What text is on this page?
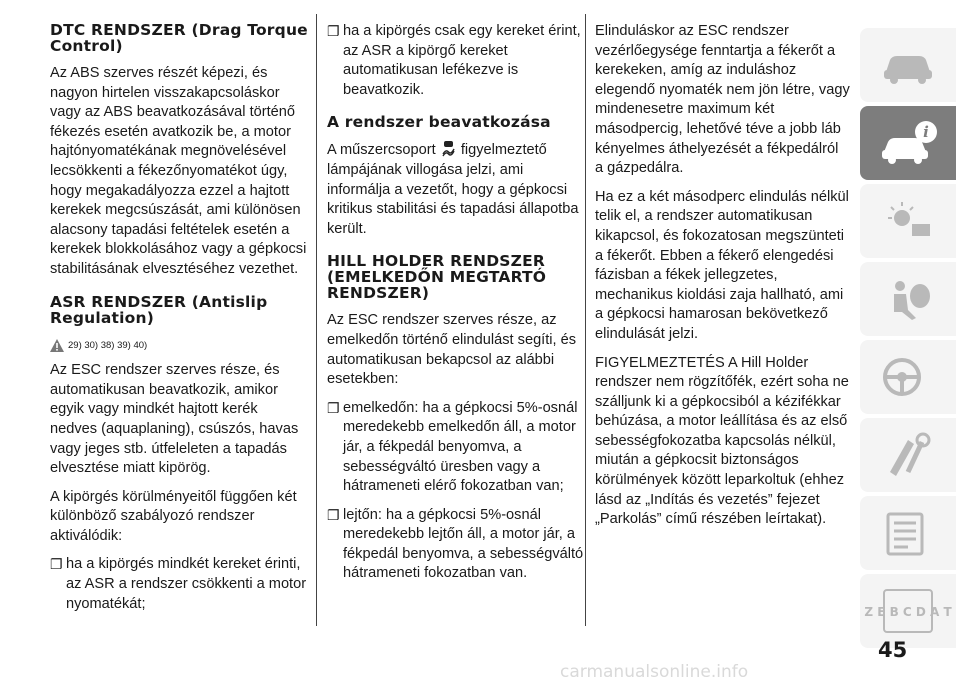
DTC RENDSZER (Drag Torque Control)

Az ABS szerves részét képezi, és nagyon hirtelen visszakapcsoláskor vagy az ABS beavatkozásával történő fékezés esetén avatkozik be, a motor hajtónyomatékának megnövelésével lecsökkenti a fékezőnyomatékot úgy, hogy megakadályozza ezzel a hajtott kerekek megcsúszását, ami különösen alacsony tapadási feltételek esetén a kerekek blokkolásához vagy a gépkocsi stabilitásának elvesztéséhez vezethet.

ASR RENDSZER (Antislip Regulation)
29) 30) 38) 39) 40)

Az ESC rendszer szerves része, és automatikusan beavatkozik, amikor egyik vagy mindkét hajtott kerék nedves (aquaplaning), csúszós, havas vagy jeges stb. útfeleleten a tapadás elvesztése miatt kipörög.

A kipörgés körülményeitől függően két különböző szabályozó rendszer aktiválódik:

❐ ha a kipörgés mindkét kereket érinti, az ASR a rendszer csökkenti a motor nyomatékát;
❐ ha a kipörgés csak egy kereket érint, az ASR a kipörgő kereket automatikusan lefékezve is beavatkozik.
A rendszer beavatkozása

A műszercsoport figyelmeztető lámpájának villogása jelzi, ami informálja a vezetőt, hogy a gépkocsi kritikus stabilitási és tapadási állapotba került.

HILL HOLDER RENDSZER (EMELKEDŐN MEGTARTÓ RENDSZER)

Az ESC rendszer szerves része, az emelkedőn történő elindulást segíti, és automatikusan bekapcsol az alábbi esetekben:

❐ emelkedőn: ha a gépkocsi 5%-osnál meredekebb emelkedőn áll, a motor jár, a fékpedál benyomva, a sebességváltó üresben vagy a hátrameneti elérő fokozatban van;
❐ lejtőn: ha a gépkocsi 5%-osnál meredekebb lejtőn áll, a motor jár, a fékpedál benyomva, a sebességváltó hátrameneti fokozatban van.

Elinduláskor az ESC rendszer vezérlőegysége fenntartja a fékerőt a kerekeken, amíg az induláshoz elegendő nyomaték nem jön létre, vagy mindenesetre maximum két másodpercig, lehetővé téve a jobb láb kényelmes áthelyezését a fékpedálról a gázpedálra.

Ha ez a két másodperc elindulás nélkül telik el, a rendszer automatikusan kikapcsol, és fokozatosan megszünteti a fékerőt. Ebben a fékerő elengedési fázisban a fékek jellegzetes, mechanikus kioldási zaja hallható, ami a gépkocsi hamarosan bekövetkező elindulását jelzi.

FIGYELMEZTETÉS A Hill Holder rendszer nem rögzítőfék, ezért soha ne szálljunk ki a gépkocsiból a kézifékkar behúzása, a motor leállítása és az első sebességfokozatba kapcsolás nélkül, miután a gépkocsit biztonságos körülmények között leparkoltuk (ehhez lásd az „Indítás és vezetés” fejezet „Parkolás” című részében leírtakat).

i
Z E B C D A T
45
carmanualsonline.info
